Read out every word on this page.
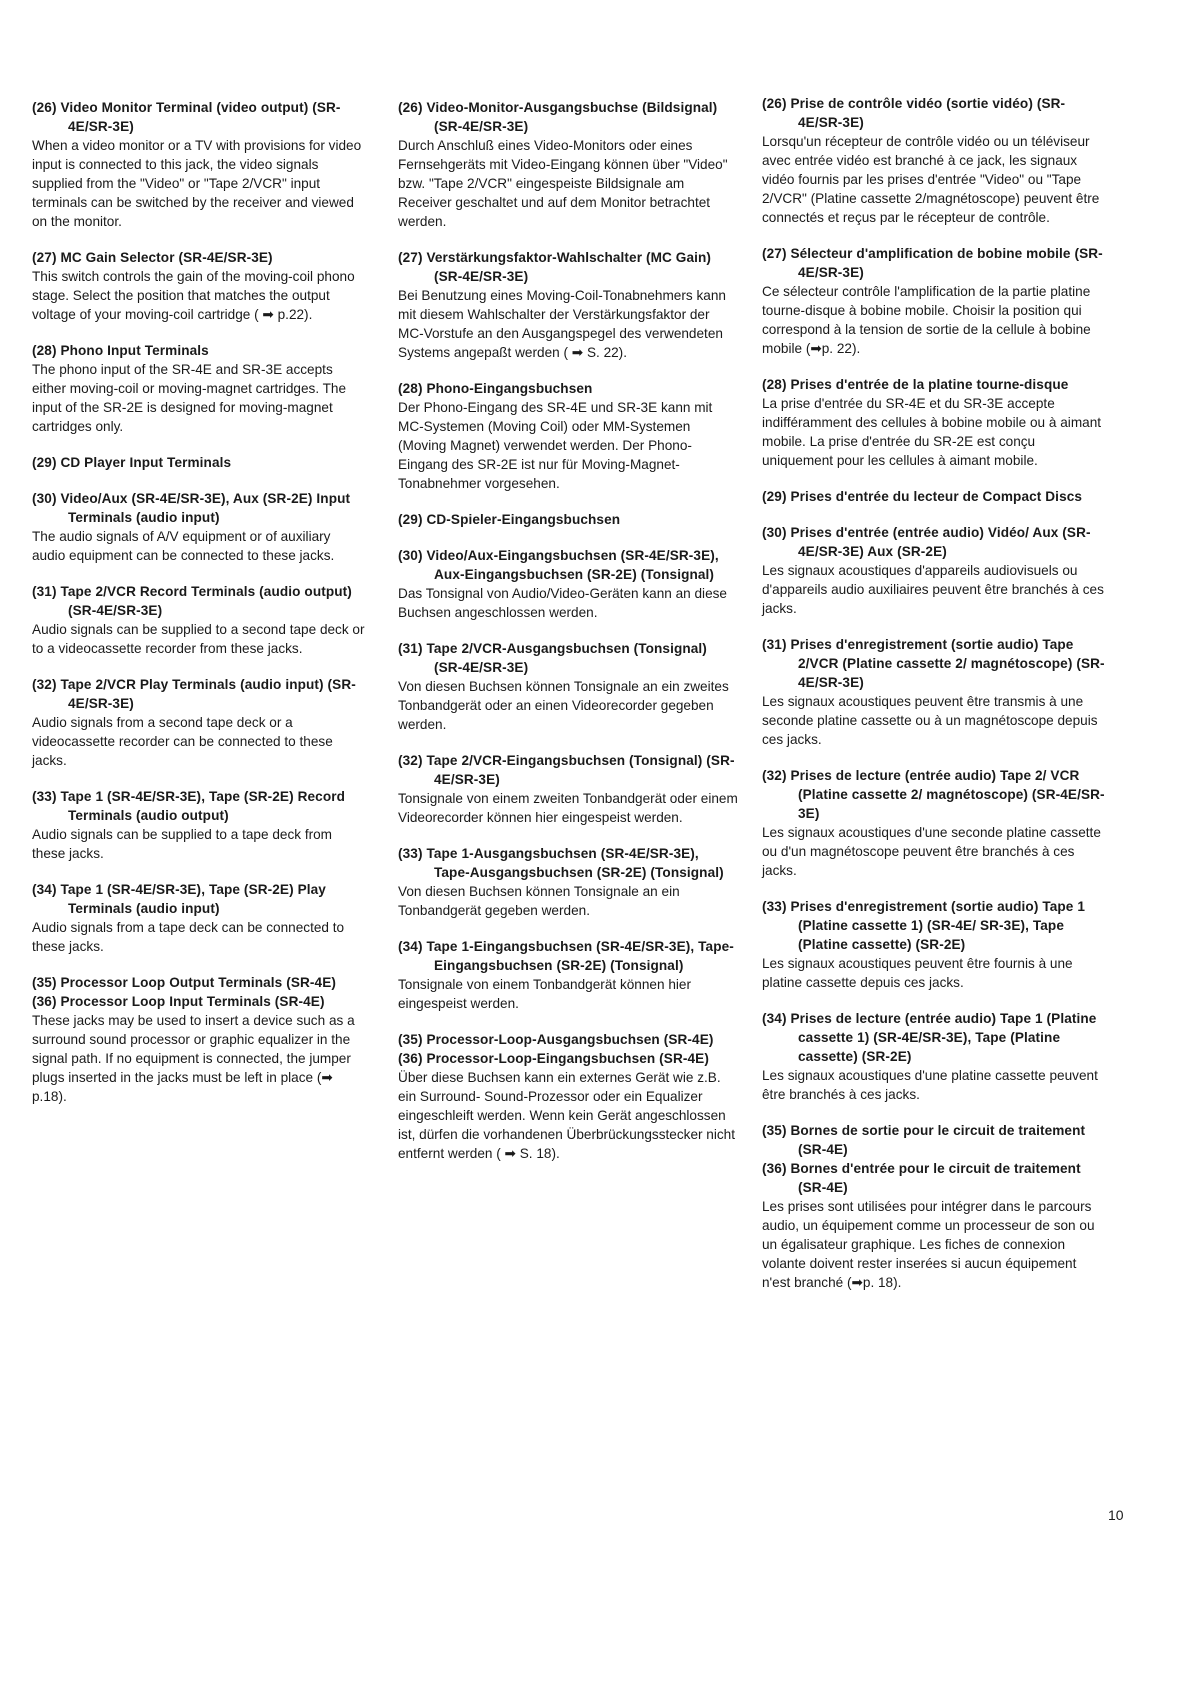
(26) Video Monitor Terminal (video output) (SR-4E/SR-3E)

When a video monitor or a TV with provisions for video input is connected to this jack, the video signals supplied from the "Video" or "Tape 2/VCR" input terminals can be switched by the receiver and viewed on the monitor.

(27) MC Gain Selector (SR-4E/SR-3E)

This switch controls the gain of the moving-coil phono stage. Select the position that matches the output voltage of your moving-coil cartridge ( ➡ p.22).

(28) Phono Input Terminals

The phono input of the SR-4E and SR-3E accepts either moving-coil or moving-magnet cartridges. The input of the SR-2E is designed for moving-magnet cartridges only.

(29) CD Player Input Terminals
(30) Video/Aux (SR-4E/SR-3E), Aux (SR-2E) Input Terminals (audio input)

The audio signals of A/V equipment or of auxiliary audio equipment can be connected to these jacks.

(31) Tape 2/VCR Record Terminals (audio output) (SR-4E/SR-3E)

Audio signals can be supplied to a second tape deck or to a videocassette recorder from these jacks.

(32) Tape 2/VCR Play Terminals (audio input) (SR-4E/SR-3E)

Audio signals from a second tape deck or a videocassette recorder can be connected to these jacks.

(33) Tape 1 (SR-4E/SR-3E), Tape (SR-2E) Record Terminals (audio output)

Audio signals can be supplied to a tape deck from these jacks.

(34) Tape 1 (SR-4E/SR-3E), Tape (SR-2E) Play Terminals (audio input)

Audio signals from a tape deck can be connected to these jacks.

(35) Processor Loop Output Terminals (SR-4E)
(36) Processor Loop Input Terminals (SR-4E)

These jacks may be used to insert a device such as a surround sound processor or graphic equalizer in the signal path. If no equipment is connected, the jumper plugs inserted in the jacks must be left in place (➡ p.18).

(26) Video-Monitor-Ausgangsbuchse (Bildsignal) (SR-4E/SR-3E)

Durch Anschluß eines Video-Monitors oder eines Fernsehgeräts mit Video-Eingang können über "Video" bzw. "Tape 2/VCR" eingespeiste Bildsignale am Receiver geschaltet und auf dem Monitor betrachtet werden.

(27) Verstärkungsfaktor-Wahlschalter (MC Gain) (SR-4E/SR-3E)

Bei Benutzung eines Moving-Coil-Tonabnehmers kann mit diesem Wahlschalter der Verstärkungsfaktor der MC-Vorstufe an den Ausgangspegel des verwendeten Systems angepaßt werden ( ➡ S. 22).

(28) Phono-Eingangsbuchsen

Der Phono-Eingang des SR-4E und SR-3E kann mit MC-Systemen (Moving Coil) oder MM-Systemen (Moving Magnet) verwendet werden. Der Phono-Eingang des SR-2E ist nur für Moving-Magnet-Tonabnehmer vorgesehen.

(29) CD-Spieler-Eingangsbuchsen
(30) Video/Aux-Eingangsbuchsen (SR-4E/SR-3E), Aux-Eingangsbuchsen (SR-2E) (Tonsignal)

Das Tonsignal von Audio/Video-Geräten kann an diese Buchsen angeschlossen werden.

(31) Tape 2/VCR-Ausgangsbuchsen (Tonsignal) (SR-4E/SR-3E)

Von diesen Buchsen können Tonsignale an ein zweites Tonbandgerät oder an einen Videorecorder gegeben werden.

(32) Tape 2/VCR-Eingangsbuchsen (Tonsignal) (SR-4E/SR-3E)

Tonsignale von einem zweiten Tonbandgerät oder einem Videorecorder können hier eingespeist werden.

(33) Tape 1-Ausgangsbuchsen (SR-4E/SR-3E), Tape-Ausgangsbuchsen (SR-2E) (Tonsignal)

Von diesen Buchsen können Tonsignale an ein Tonbandgerät gegeben werden.

(34) Tape 1-Eingangsbuchsen (SR-4E/SR-3E), Tape-Eingangsbuchsen (SR-2E) (Tonsignal)

Tonsignale von einem Tonbandgerät können hier eingespeist werden.

(35) Processor-Loop-Ausgangsbuchsen (SR-4E)
(36) Processor-Loop-Eingangsbuchsen (SR-4E)

Über diese Buchsen kann ein externes Gerät wie z.B. ein Surround- Sound-Prozessor oder ein Equalizer eingeschleift werden. Wenn kein Gerät angeschlossen ist, dürfen die vorhandenen Überbrückungsstecker nicht entfernt werden ( ➡ S. 18).

(26) Prise de contrôle vidéo (sortie vidéo) (SR-4E/SR-3E)

Lorsqu'un récepteur de contrôle vidéo ou un téléviseur avec entrée vidéo est branché à ce jack, les signaux vidéo fournis par les prises d'entrée "Video" ou "Tape 2/VCR" (Platine cassette 2/magnétoscope) peuvent être connectés et reçus par le récepteur de contrôle.

(27) Sélecteur d'amplification de bobine mobile (SR-4E/SR-3E)

Ce sélecteur contrôle l'amplification de la partie platine tourne-disque à bobine mobile. Choisir la position qui correspond à la tension de sortie de la cellule à bobine mobile (➡p. 22).

(28) Prises d'entrée de la platine tourne-disque

La prise d'entrée du SR-4E et du SR-3E accepte indifféramment des cellules à bobine mobile ou à aimant mobile. La prise d'entrée du SR-2E est conçu uniquement pour les cellules à aimant mobile.

(29) Prises d'entrée du lecteur de Compact Discs
(30) Prises d'entrée (entrée audio) Vidéo/ Aux (SR-4E/SR-3E) Aux (SR-2E)

Les signaux acoustiques d'appareils audiovisuels ou d'appareils audio auxiliaires peuvent être branchés à ces jacks.

(31) Prises d'enregistrement (sortie audio) Tape 2/VCR (Platine cassette 2/ magnétoscope) (SR-4E/SR-3E)

Les signaux acoustiques peuvent être transmis à une seconde platine cassette ou à un magnétoscope depuis ces jacks.

(32) Prises de lecture (entrée audio) Tape 2/ VCR (Platine cassette 2/ magnétoscope) (SR-4E/SR-3E)

Les signaux acoustiques d'une seconde platine cassette ou d'un magnétoscope peuvent être branchés à ces jacks.

(33) Prises d'enregistrement (sortie audio) Tape 1 (Platine cassette 1) (SR-4E/ SR-3E), Tape (Platine cassette) (SR-2E)

Les signaux acoustiques peuvent être fournis à une platine cassette depuis ces jacks.

(34) Prises de lecture (entrée audio) Tape 1 (Platine cassette 1) (SR-4E/SR-3E), Tape (Platine cassette) (SR-2E)

Les signaux acoustiques d'une platine cassette peuvent être branchés à ces jacks.

(35) Bornes de sortie pour le circuit de traitement (SR-4E)
(36) Bornes d'entrée pour le circuit de traitement (SR-4E)

Les prises sont utilisées pour intégrer dans le parcours audio, un équipement comme un processeur de son ou un égalisateur graphique. Les fiches de connexion volante doivent rester inserées si aucun équipement n'est branché (➡p. 18).

10
